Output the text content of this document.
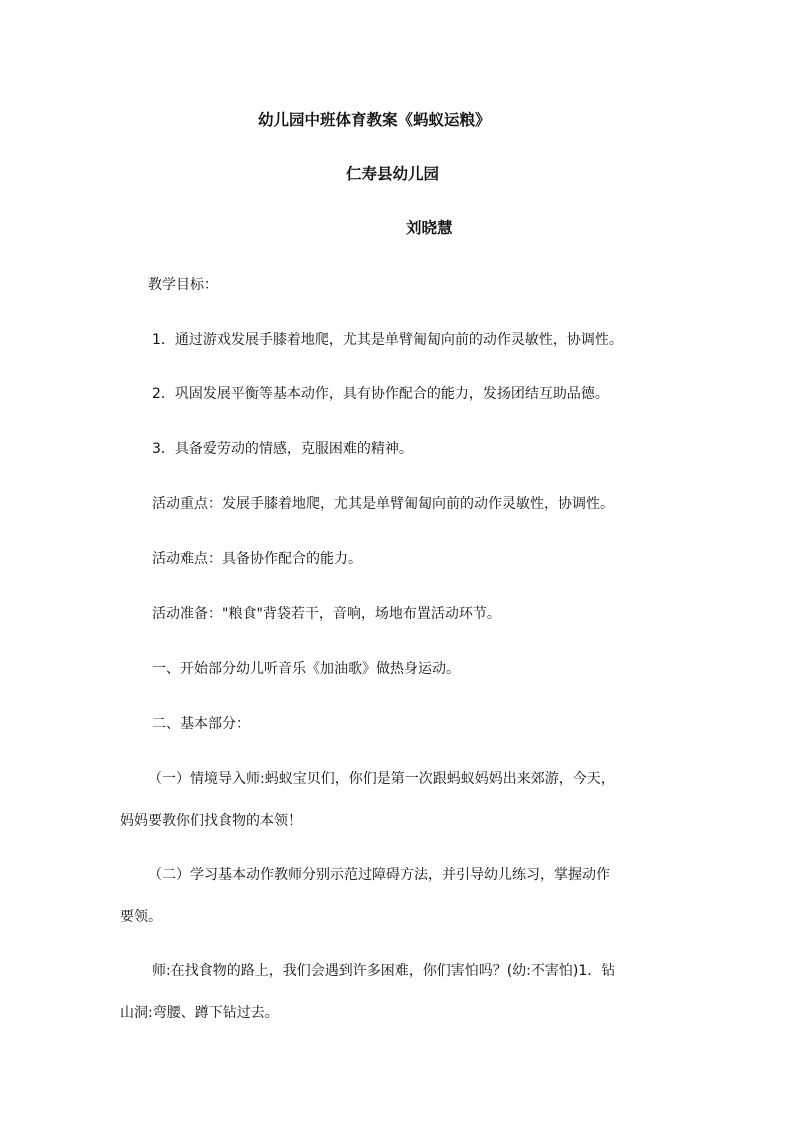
幼儿园中班体育教案《蚂蚁运粮》
仁寿县幼儿园
刘晓慧
教学目标：
1．通过游戏发展手膝着地爬，尤其是单臂匍匐向前的动作灵敏性，协调性。
2．巩固发展平衡等基本动作，具有协作配合的能力，发扬团结互助品德。
3．具备爱劳动的情感，克服困难的精神。
活动重点：发展手膝着地爬，尤其是单臂匍匐向前的动作灵敏性，协调性。
活动难点：具备协作配合的能力。
活动准备："粮食"背袋若干，音响，场地布置活动环节。
一、开始部分幼儿听音乐《加油歌》做热身运动。
二、基本部分：
（一）情境导入师:蚂蚁宝贝们，你们是第一次跟蚂蚁妈妈出来郊游，今天，
妈妈要教你们找食物的本领！
（二）学习基本动作教师分别示范过障碍方法，并引导幼儿练习，掌握动作
要领。
师:在找食物的路上，我们会遇到许多困难，你们害怕吗？(幼:不害怕)1．钻
山洞:弯腰、蹲下钻过去。
